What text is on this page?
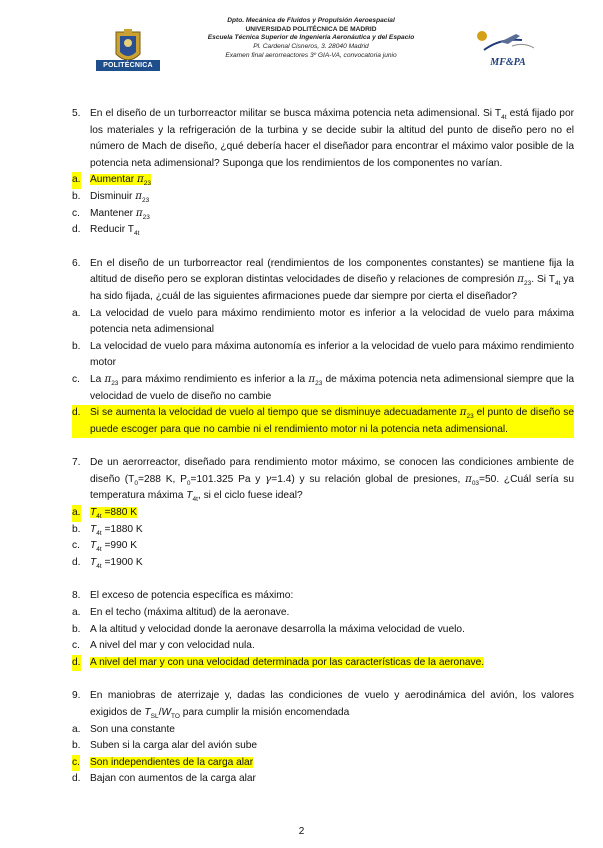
POLITÉCNICA
Dpto. Mecánica de Fluidos y Propulsión Aeroespacial
UNIVERSIDAD POLITÉCNICA DE MADRID
Escuela Técnica Superior de Ingeniería Aeronáutica y del Espacio
Pl. Cardenal Cisneros, 3. 28040 Madrid
Examen final aerorreactores 3º GIA-VA, convocatoria junio
MF&PA
5. En el diseño de un turborreactor militar se busca máxima potencia neta adimensional. Si $T_{4t}$ está fijado por los materiales y la refrigeración de la turbina y se decide subir la altitud del punto de diseño pero no el número de Mach de diseño, ¿qué debería hacer el diseñador para encontrar el máximo valor posible de la potencia neta adimensional? Suponga que los rendimientos de los componentes no varían.
a. Aumentar $\pi_{23}$
b. Disminuir $\pi_{23}$
c. Mantener $\pi_{23}$
d. Reducir $T_{4t}$
6. En el diseño de un turborreactor real (rendimientos de los componentes constantes) se mantiene fija la altitud de diseño pero se exploran distintas velocidades de diseño y relaciones de compresión $\pi_{23}$. Si $T_{4t}$ ya ha sido fijada, ¿cuál de las siguientes afirmaciones puede dar siempre por cierta el diseñador?
a. La velocidad de vuelo para máximo rendimiento motor es inferior a la velocidad de vuelo para máxima potencia neta adimensional
b. La velocidad de vuelo para máxima autonomía es inferior a la velocidad de vuelo para máximo rendimiento motor
c. La $\pi_{23}$ para máximo rendimiento es inferior a la $\pi_{23}$ de máxima potencia neta adimensional siempre que la velocidad de vuelo de diseño no cambie
d. Si se aumenta la velocidad de vuelo al tiempo que se disminuye adecuadamente $\pi_{23}$ el punto de diseño se puede escoger para que no cambie ni el rendimiento motor ni la potencia neta adimensional.
7. De un aerorreactor, diseñado para rendimiento motor máximo, se conocen las condiciones ambiente de diseño ($T_0=288$ K, $P_0=101.325$ Pa y γ=1.4) y su relación global de presiones, $\pi_{03}=50$. ¿Cuál sería su temperatura máxima $T_{4t}$, si el ciclo fuese ideal?
a. $T_{4t} =880$ K
b. $T_{4t} =1880$ K
c. $T_{4t} =990$ K
d. $T_{4t} =1900$ K
8. El exceso de potencia específica es máximo:
a. En el techo (máxima altitud) de la aeronave.
b. A la altitud y velocidad donde la aeronave desarrolla la máxima velocidad de vuelo.
c. A nivel del mar y con velocidad nula.
d. A nivel del mar y con una velocidad determinada por las características de la aeronave.
9. En maniobras de aterrizaje y, dadas las condiciones de vuelo y aerodinámica del avión, los valores exigidos de $T_{SL}/W_{TO}$ para cumplir la misión encomendada
a. Son una constante
b. Suben si la carga alar del avión sube
c. Son independientes de la carga alar
d. Bajan con aumentos de la carga alar
2
